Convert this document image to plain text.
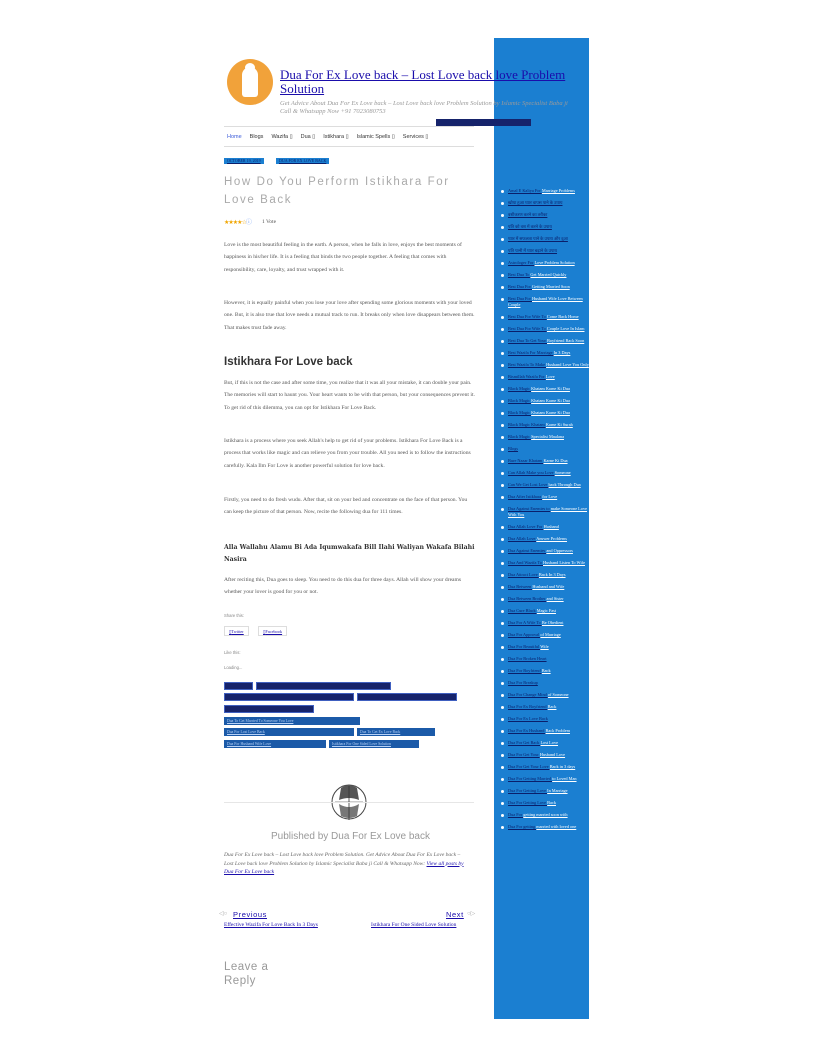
Amal E Kaliya For Marriage Problems
ख़ोया हुआ प्यार वापस पाने के उपाय
वशीकरण करने का तरीका
पति को वश में करने के उपाय
प्यार में सफलता पाने के उपाय और दुआ
पति पत्नी में प्यार बढ़ाने के उपाय
Astrologer For Love Problem Solution
Best Dua To Get Married Quickly
Best Dua For Getting Married Soon
Best Dua For Husband Wife Love Between Couple
Best Dua For Wife To Come Back Home
Best Dua For Wife To Couple Love In Islam
Best Dua To Get Your Boyfriend Back Soon
Best Wazifa For Marriage In 3 Days
Best Wazifa To Make Husband Love You Only
Bismillah Wazifa For Love
Black Magic Khatam Karne Ki Dua
Black Magic Khatam Karne Ki Dua
Black Magic Khatam Karne Ki Dua
Black Magic Khatam Karne Ki Surah
Black Magic Specialist Maulana
Blogs
Bure Nazar Khatam Karne Ki Dua
Can Allah Make you Love Someone
Can We Get Lost Love back Through Dua
Dua After Istikhara for Love
Dua Against Enemies to make Someone Love With You
Dua Allah Love For Husband
Dua Allah Love Answer Problems
Dua Against Enemies and Oppressors
Dua And Wazifa To Husband Listen To Wife
Dua Attract Love Back In 3 Days
Dua Between Husband and Wife
Dua Between Brother and Sister
Dua Cure Black Magic Fast
Dua For A Wife To Be Obedient
Dua For Approval of Marriage
Dua For Beautiful Wife
Dua For Broken Heart
Dua For Boyfriend Back
Dua For Breakup
Dua For Change Mind of Someone
Dua For Ex Boyfriend Back
Dua For Ex Love Back
Dua For Ex Husband Back Problem
Dua For Get Back Lost Love
Dua For Get Your Husband Love
Dua For Get Your Love Back in 3 days
Dua For Getting Married to Loved Man
Dua For Getting Love In Marriage
Dua For Getting Love Back
Dua For getting married soon with
Dua For getting married with loved one
Dua For Ex Love back – Lost Love back love Problem Solution
Get Advice About Dua For Ex Love back – Lost Love back love Problem Solution by Islamic Specialist Baba ji Call & Whatsapp Now +91 7023080753
Home Blogs Wazifa ▯ Dua ▯ Istikhara ▯ Islamic Spells ▯ Services ▯
OCTOBER 19, 2019	DUA FOR EX LOVE BACK
How Do You Perform Istikhara For Love Back
★★★★☆ⓘ 1 Vote

Love is the most beautiful feeling in the earth. A person, when he falls in love, enjoys the best moments of happiness in his/her life. It is a feeling that binds the two people together. A feeling that comes with responsibility, care, loyalty, and trust wrapped with it.

However, it is equally painful when you lose your love after spending some glorious moments with your loved one. But, it is also true that love needs a mutual track to run. It breaks only when love disappears between them. That makes trust fade away.

Istikhara For Love back

But, if this is not the case and after some time, you realize that it was all your mistake, it can double your pain. The memories will start to haunt you. Your heart wants to be with that person, but your consequences prevent it. To get rid of this dilemma, you can opt for Istikhara For Love Back.

Istikhara is a process where you seek Allah's help to get rid of your problems. Istikhara For Love Back is a process that works like magic and can relieve you from your trouble. All you need is to follow the instructions carefully. Kala Ilm For Love is another powerful solution for love back.

Firstly, you need to do fresh wudu. After that, sit on your bed and concentrate on the face of that person. You can keep the picture of that person. Now, recite the following dua for 111 times.

Alla Wallahu Alamu Bi Ada Iqumwakafa Bill Ilahi Waliyan Wakafa Bilahi Nasira

After reciting this, Dua goes to sleep. You need to do this dua for three days. Allah will show your dreams whether your lover is good for you or not.

Share this:
▯Twitter	▯Facebook
Like this:
Loading...
Dua To Get Married To Someone You Love
Dua For Lost Love Back	Dua To Get Ex Love Back
Dua For Husband Wife Love	Istikhara For One Sided Love Solution
Published by Dua For Ex Love back

Dua For Ex Love back – Lost Love back love Problem Solution. Get Advice About Dua For Ex Love back – Lost Love back love Problem Solution by Islamic Specialist Baba ji Call & Whatsapp Now: View all posts by Dua For Ex Love back

◁○ Previous	Next ○▷
Effective Wazifa For Love Back In 3 Days	Istikhara For One Sided Love Solution
Leave a Reply
